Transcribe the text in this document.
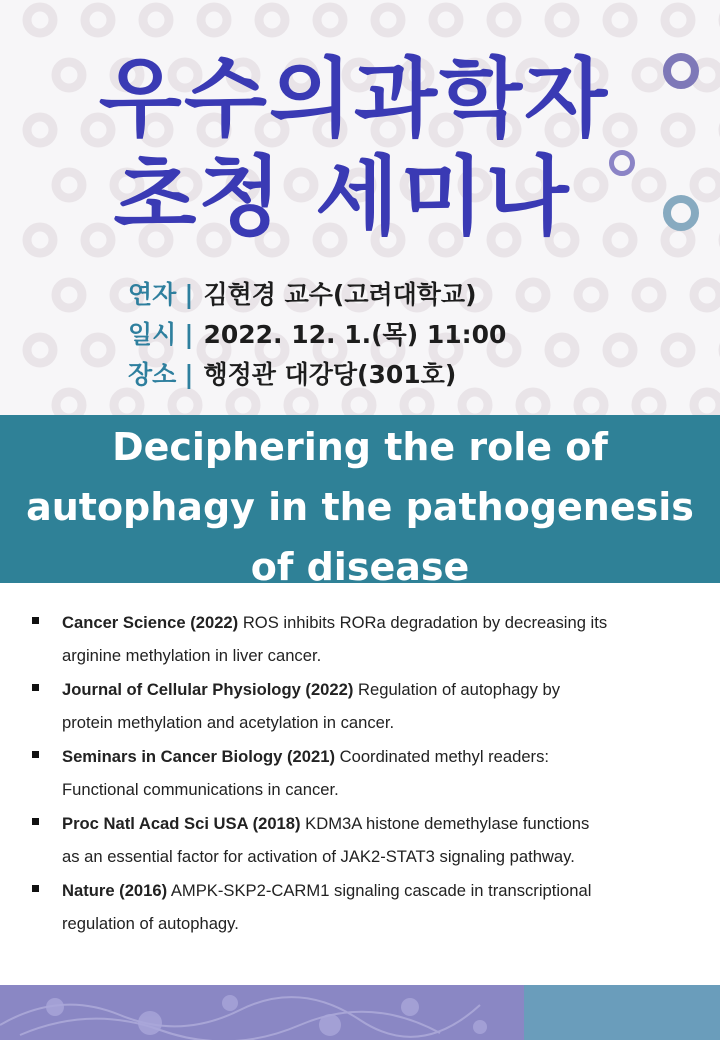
우수의과학자
초청 세미나
연자 | 김현경 교수(고려대학교)
일시 | 2022. 12. 1.(목) 11:00
장소 | 행정관 대강당(301호)
Deciphering the role of
autophagy in the pathogenesis
of disease
Cancer Science (2022) ROS inhibits RORa degradation by decreasing its
arginine methylation in liver cancer.
Journal of Cellular Physiology (2022) Regulation of autophagy by
protein methylation and acetylation in cancer.
Seminars in Cancer Biology (2021) Coordinated methyl readers:
Functional communications in cancer.
Proc Natl Acad Sci USA (2018) KDM3A histone demethylase functions
as an essential factor for activation of JAK2-STAT3 signaling pathway.
Nature (2016) AMPK-SKP2-CARM1 signaling cascade in transcriptional
regulation of autophagy.
